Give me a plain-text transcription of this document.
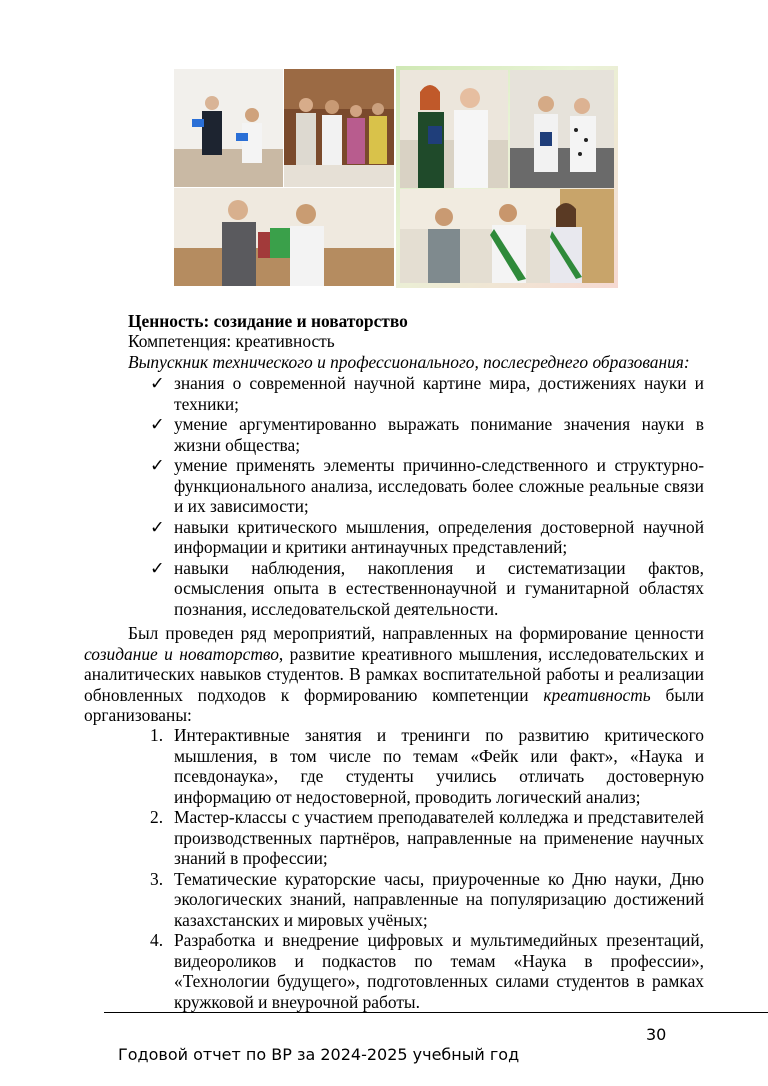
Ценность: созидание и новаторство
Компетенция: креативность
Выпускник технического и профессионального, послесреднего образования:
✓ знания о современной научной картине мира, достижениях науки и техники;
✓ умение аргументированно выражать понимание значения науки в жизни общества;
✓ умение применять элементы причинно-следственного и структурно-функционального анализа, исследовать более сложные реальные связи и их зависимости;
✓ навыки критического мышления, определения достоверной научной информации и критики антинаучных представлений;
✓ навыки наблюдения, накопления и систематизации фактов, осмысления опыта в естественнонаучной и гуманитарной областях познания, исследовательской деятельности.
Был проведен ряд мероприятий, направленных на формирование ценности созидание и новаторство, развитие креативного мышления, исследовательских и аналитических навыков студентов. В рамках воспитательной работы и реализации обновленных подходов к формированию компетенции креативность были организованы:
1. Интерактивные занятия и тренинги по развитию критического мышления, в том числе по темам «Фейк или факт», «Наука и псевдонаука», где студенты учились отличать достоверную информацию от недостоверной, проводить логический анализ;
2. Мастер-классы с участием преподавателей колледжа и представителей производственных партнёров, направленные на применение научных знаний в профессии;
3. Тематические кураторские часы, приуроченные ко Дню науки, Дню экологических знаний, направленные на популяризацию достижений казахстанских и мировых учёных;
4. Разработка и внедрение цифровых и мультимедийных презентаций, видеороликов и подкастов по темам «Наука в профессии», «Технологии будущего», подготовленных силами студентов в рамках кружковой и внеурочной работы.
30
Годовой отчет по ВР за 2024-2025 учебный год
